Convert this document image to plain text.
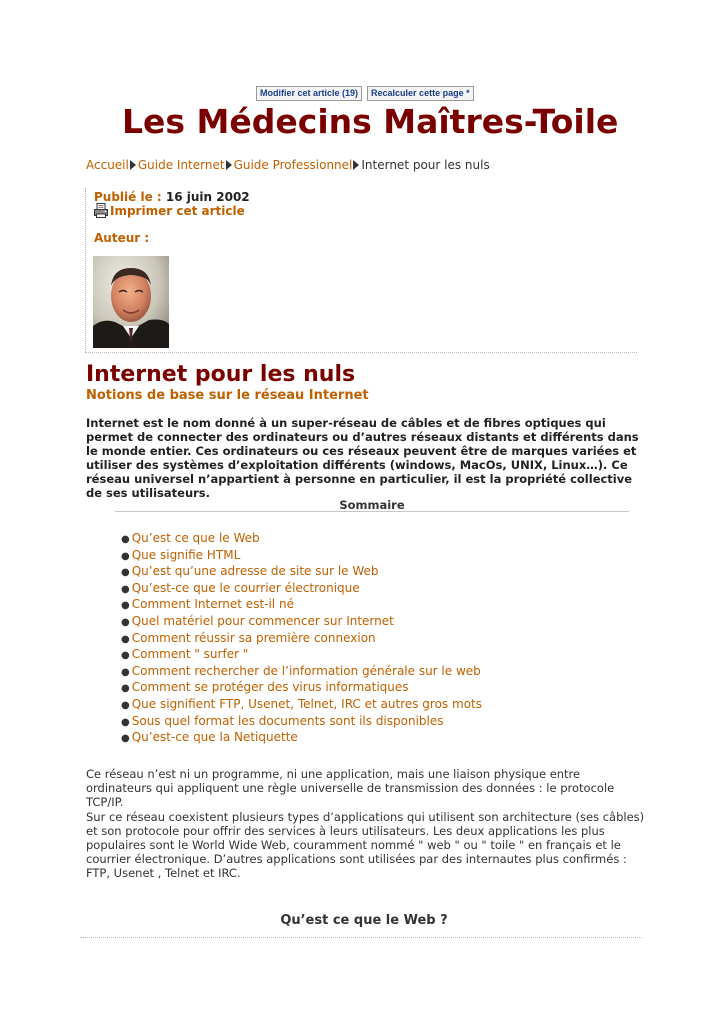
Modifier cet article (19)	Recalculer cette page *
Les Médecins Maîtres-Toile
Accueil Guide Internet Guide Professionnel Internet pour les nuls
Publié le : 16 juin 2002
Imprimer cet article
Auteur :
Internet pour les nuls
Notions de base sur le réseau Internet

Internet est le nom donné à un super-réseau de câbles et de fibres optiques qui permet de connecter des ordinateurs ou d’autres réseaux distants et différents dans le monde entier. Ces ordinateurs ou ces réseaux peuvent être de marques variées et utiliser des systèmes d’exploitation différents (windows, MacOs, UNIX, Linux…). Ce réseau universel n’appartient à personne en particulier, il est la propriété collective de ses utilisateurs.

Sommaire
● Qu’est ce que le Web
● Que signifie HTML
● Qu’est qu’une adresse de site sur le Web
● Qu’est-ce que le courrier électronique
● Comment Internet est-il né
● Quel matériel pour commencer sur Internet
● Comment réussir sa première connexion
● Comment " surfer "
● Comment rechercher de l’information générale sur le web
● Comment se protéger des virus informatiques
● Que signifient FTP, Usenet, Telnet, IRC et autres gros mots
● Sous quel format les documents sont ils disponibles
● Qu’est-ce que la Netiquette

Ce réseau n’est ni un programme, ni une application, mais une liaison physique entre ordinateurs qui appliquent une règle universelle de transmission des données : le protocole TCP/IP.

Sur ce réseau coexistent plusieurs types d’applications qui utilisent son architecture (ses câbles) et son protocole pour offrir des services à leurs utilisateurs. Les deux applications les plus populaires sont le World Wide Web, couramment nommé " web " ou " toile " en français et le courrier électronique. D’autres applications sont utilisées par des internautes plus confirmés : FTP, Usenet , Telnet et IRC.

Qu’est ce que le Web ?
